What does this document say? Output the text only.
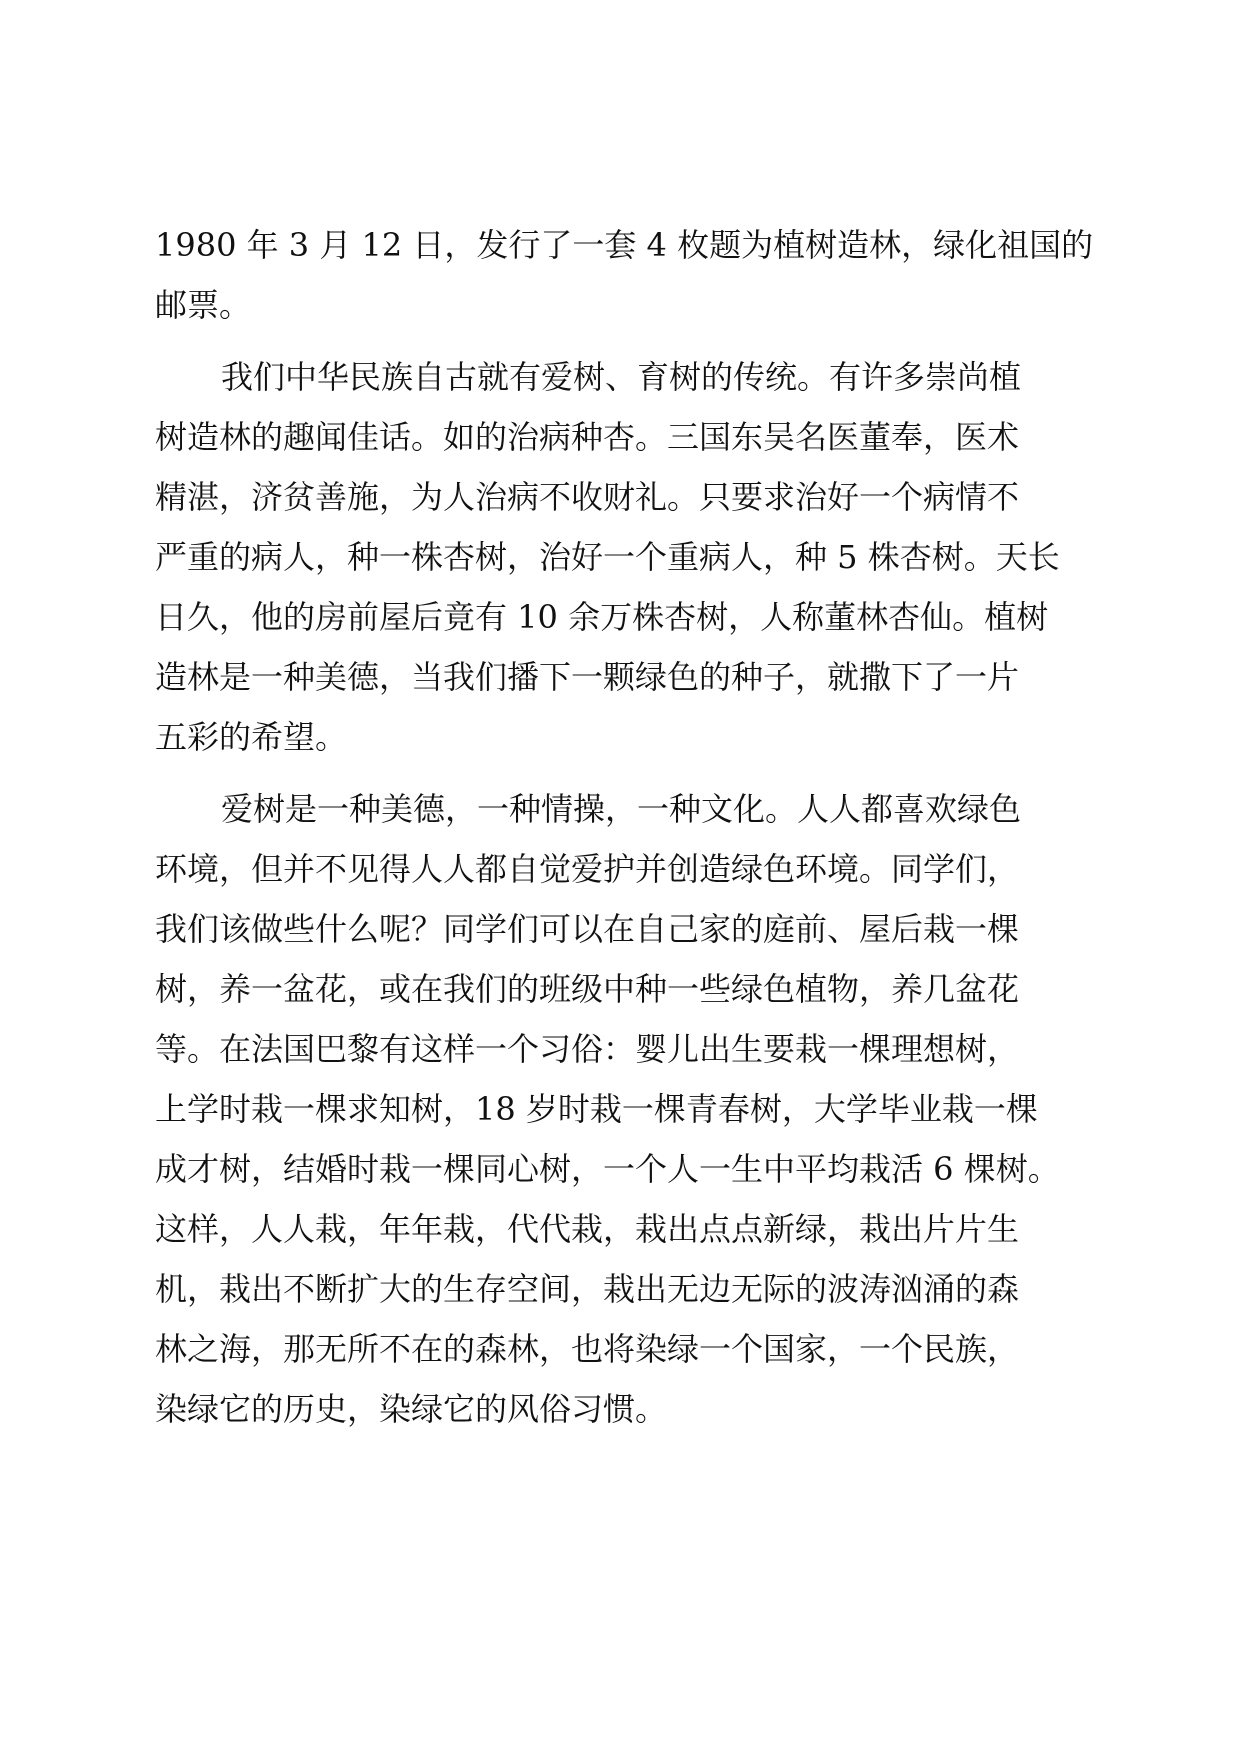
1980 年 3 月 12 日，发行了一套 4 枚题为植树造林，绿化祖国的
邮票。
我们中华民族自古就有爱树、育树的传统。有许多崇尚植
树造林的趣闻佳话。如的治病种杏。三国东吴名医董奉，医术
精湛，济贫善施，为人治病不收财礼。只要求治好一个病情不
严重的病人，种一株杏树，治好一个重病人，种 5 株杏树。天长
日久，他的房前屋后竟有 10 余万株杏树，人称董林杏仙。植树
造林是一种美德，当我们播下一颗绿色的种子，就撒下了一片
五彩的希望。
爱树是一种美德，一种情操，一种文化。人人都喜欢绿色
环境，但并不见得人人都自觉爱护并创造绿色环境。同学们，
我们该做些什么呢？同学们可以在自己家的庭前、屋后栽一棵
树，养一盆花，或在我们的班级中种一些绿色植物，养几盆花
等。在法国巴黎有这样一个习俗：婴儿出生要栽一棵理想树，
上学时栽一棵求知树，18 岁时栽一棵青春树，大学毕业栽一棵
成才树，结婚时栽一棵同心树，一个人一生中平均栽活 6 棵树。
这样，人人栽，年年栽，代代栽，栽出点点新绿，栽出片片生
机，栽出不断扩大的生存空间，栽出无边无际的波涛汹涌的森
林之海，那无所不在的森林，也将染绿一个国家，一个民族，
染绿它的历史，染绿它的风俗习惯。
